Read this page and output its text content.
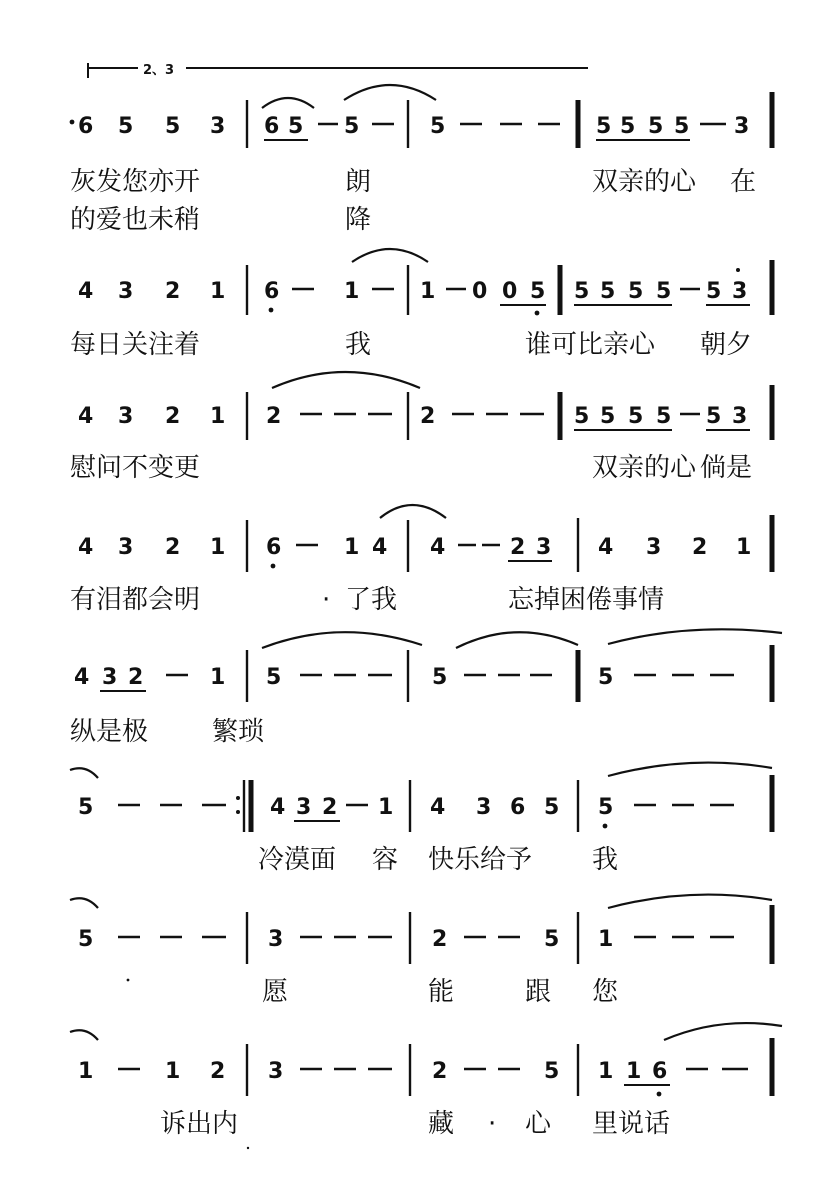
2、3
6 5 5 3 6 5 5	5	5 5 5 5 3
灰发您亦开	朗	双亲的心 在
的爱也未稍	降
4 3 2 1 6	1	1 0 0 5 5 5 5 5 5 3
每日关注着	我	谁可比亲心 朝夕
4 3 2 1 2	2	5 5 5 5 5 3
慰问不变更	双亲的心 倘是
4 3 2 1 6	1 4 4	2 3 4 3 2 1
有泪都会明	· 了我	忘掉困倦事情
4 3 2	1 5	5	5
纵是极 繁琐
5	4 3 2 1 4 3 6 5 5
冷漠面 容 快乐给予 我
5	3	2	5 1
愿	能	跟 您
1	1 2 3	2	5 1 1 6
诉出内	藏 · 心 里说话
